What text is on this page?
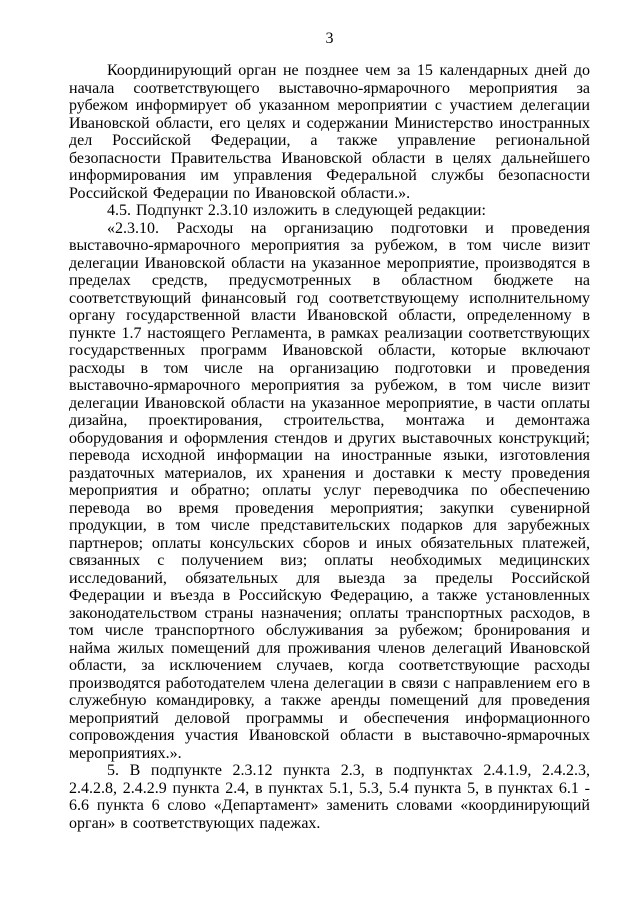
3

Координирующий орган не позднее чем за 15 календарных дней до начала соответствующего выставочно-ярмарочного мероприятия за рубежом информирует об указанном мероприятии с участием делегации Ивановской области, его целях и содержании Министерство иностранных дел Российской Федерации, а также управление региональной безопасности Правительства Ивановской области в целях дальнейшего информирования им управления Федеральной службы безопасности Российской Федерации по Ивановской области.».

4.5. Подпункт 2.3.10 изложить в следующей редакции:

«2.3.10. Расходы на организацию подготовки и проведения выставочно-ярмарочного мероприятия за рубежом, в том числе визит делегации Ивановской области на указанное мероприятие, производятся в пределах средств, предусмотренных в областном бюджете на соответствующий финансовый год соответствующему исполнительному органу государственной власти Ивановской области, определенному в пункте 1.7 настоящего Регламента, в рамках реализации соответствующих государственных программ Ивановской области, которые включают расходы в том числе на организацию подготовки и проведения выставочно-ярмарочного мероприятия за рубежом, в том числе визит делегации Ивановской области на указанное мероприятие, в части оплаты дизайна, проектирования, строительства, монтажа и демонтажа оборудования и оформления стендов и других выставочных конструкций; перевода исходной информации на иностранные языки, изготовления раздаточных материалов, их хранения и доставки к месту проведения мероприятия и обратно; оплаты услуг переводчика по обеспечению перевода во время проведения мероприятия; закупки сувенирной продукции, в том числе представительских подарков для зарубежных партнеров; оплаты консульских сборов и иных обязательных платежей, связанных с получением виз; оплаты необходимых медицинских исследований, обязательных для выезда за пределы Российской Федерации и въезда в Российскую Федерацию, а также установленных законодательством страны назначения; оплаты транспортных расходов, в том числе транспортного обслуживания за рубежом; бронирования и найма жилых помещений для проживания членов делегаций Ивановской области, за исключением случаев, когда соответствующие расходы производятся работодателем члена делегации в связи с направлением его в служебную командировку, а также аренды помещений для проведения мероприятий деловой программы и обеспечения информационного сопровождения участия Ивановской области в выставочно-ярмарочных мероприятиях.».

5. В подпункте 2.3.12 пункта 2.3, в подпунктах 2.4.1.9, 2.4.2.3, 2.4.2.8, 2.4.2.9 пункта 2.4, в пунктах 5.1, 5.3, 5.4 пункта 5, в пунктах 6.1 - 6.6 пункта 6 слово «Департамент» заменить словами «координирующий орган» в соответствующих падежах.
